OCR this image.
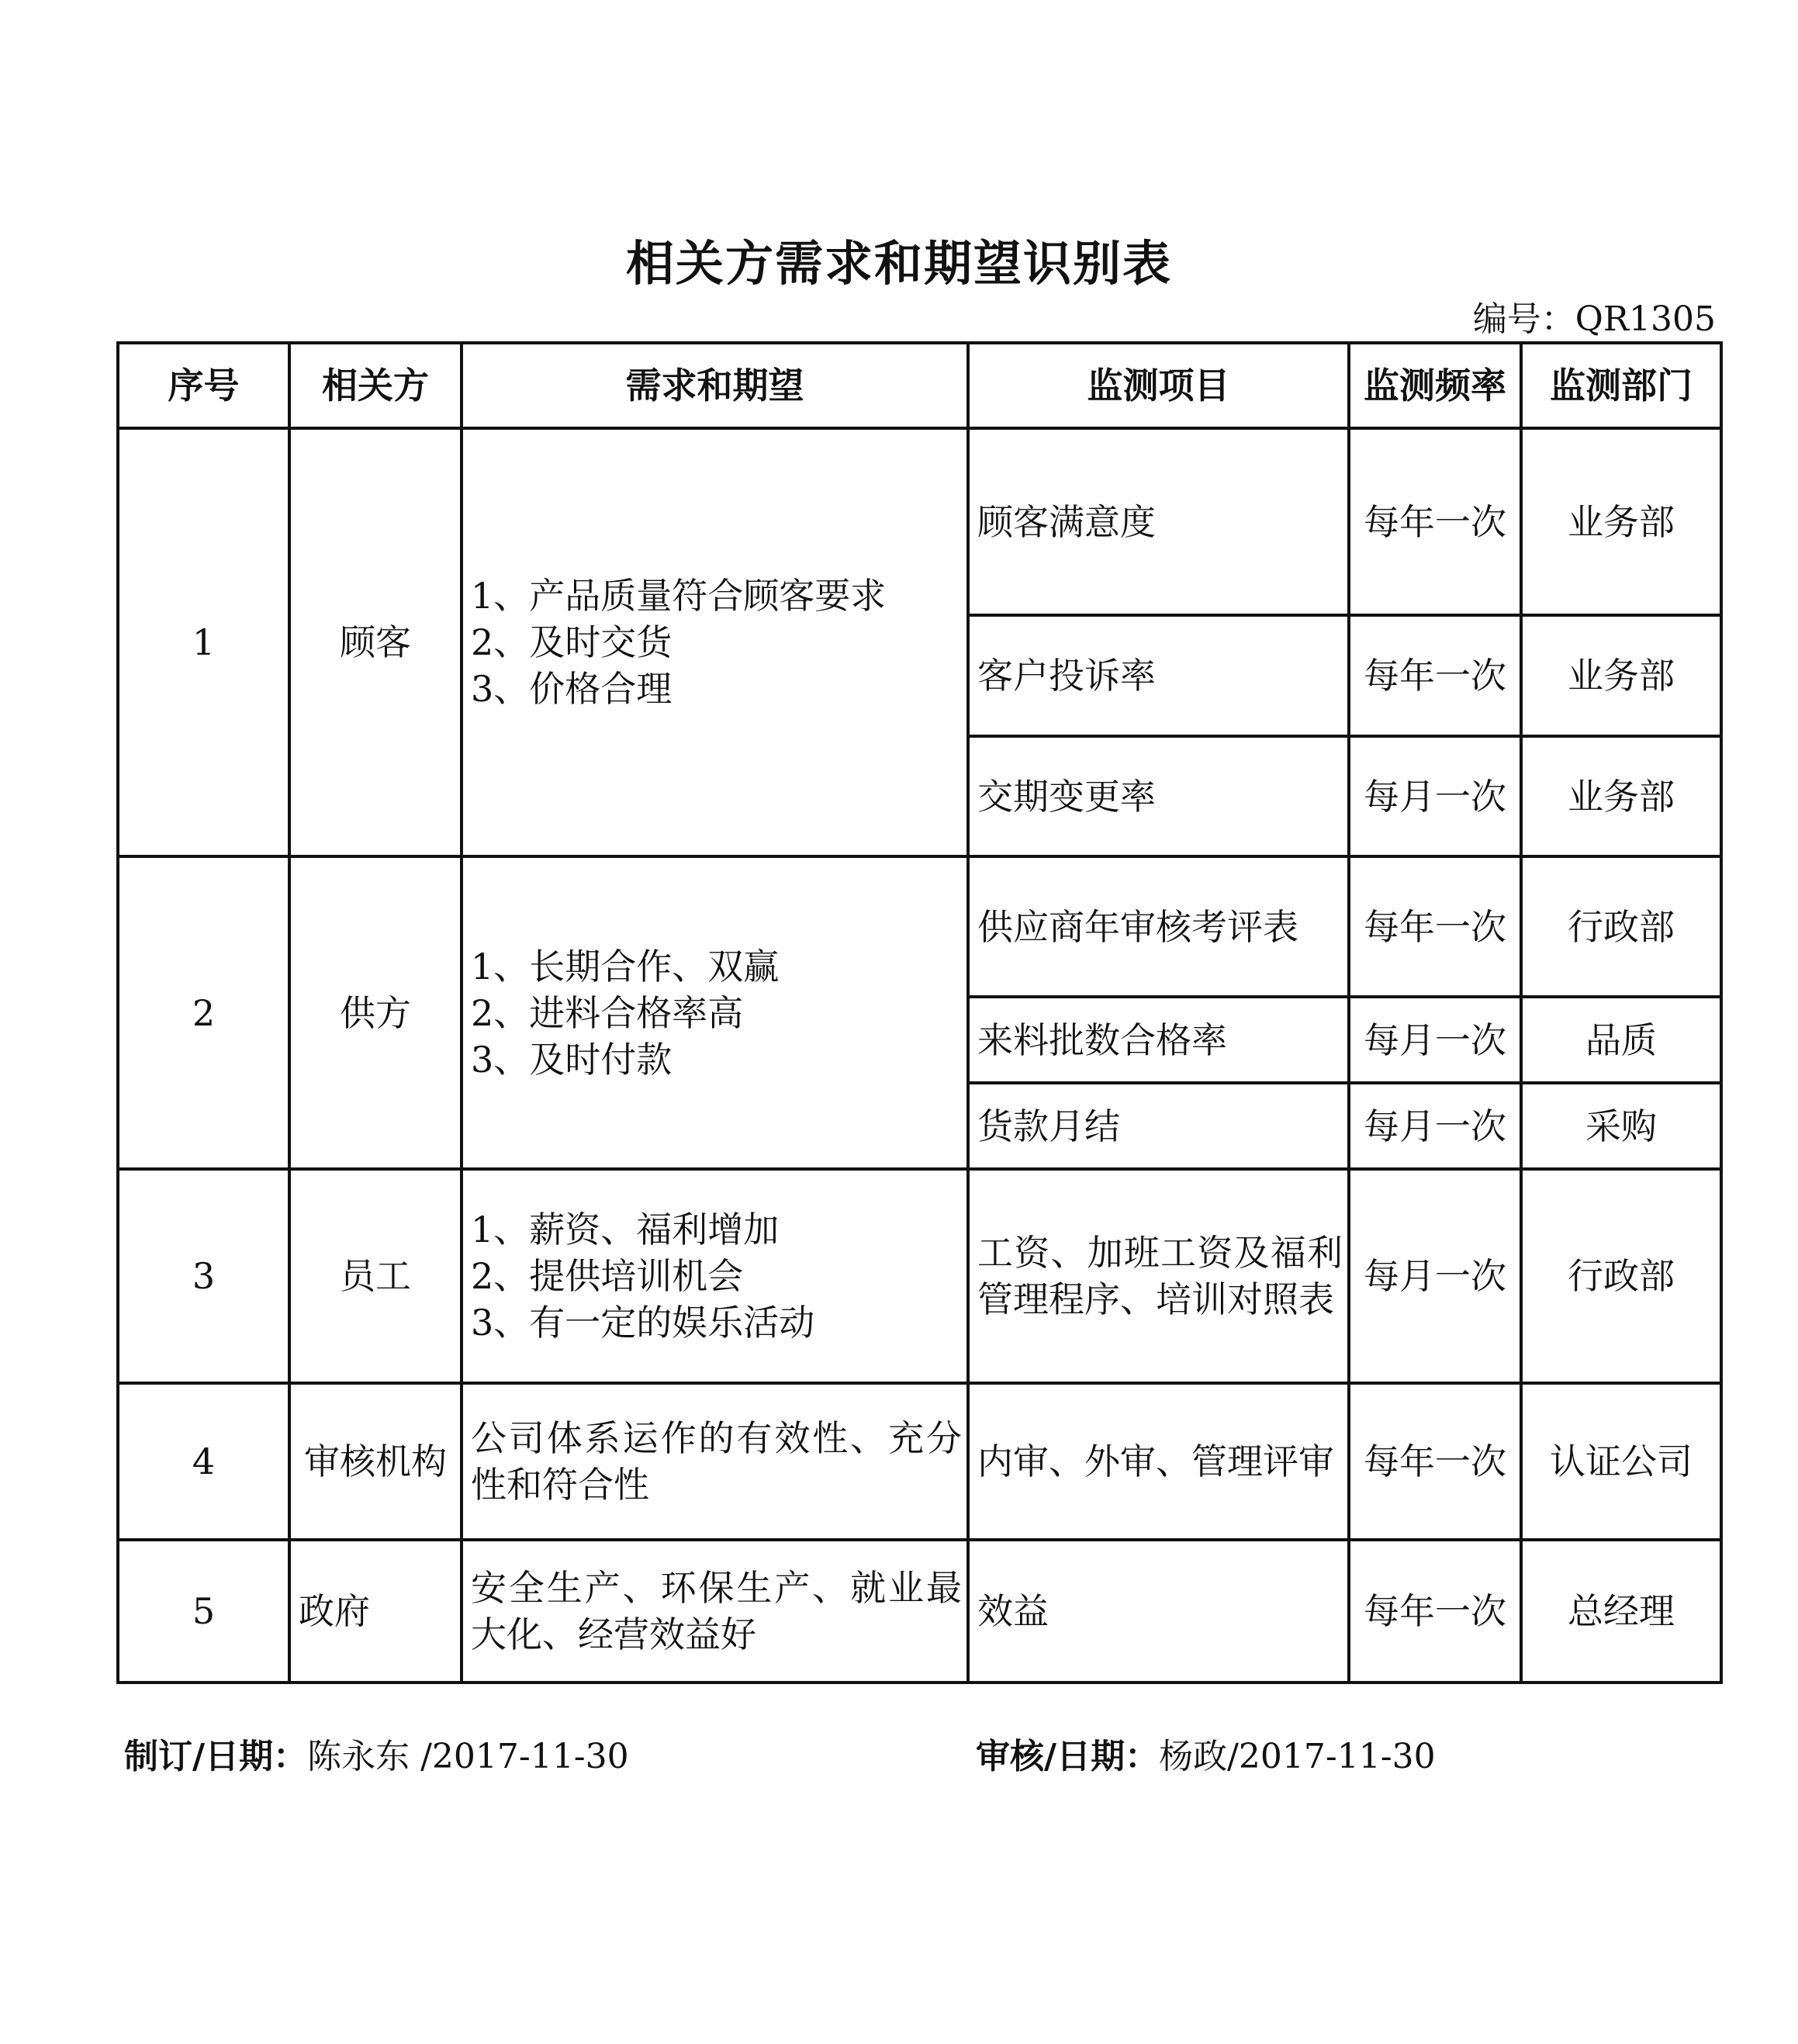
相关方需求和期望识别表
编号：QR1305
序号	相关方	需求和期望	监测项目	监测频率	监测部门
1	顾客	1、产品质量符合顾客要求
2、及时交货
3、价格合理	顾客满意度	每年一次	业务部
			客户投诉率	每年一次	业务部
			交期变更率	每月一次	业务部
2	供方	1、长期合作、双赢
2、进料合格率高
3、及时付款	供应商年审核考评表	每年一次	行政部
			来料批数合格率	每月一次	品质
			货款月结	每月一次	采购
3	员工	1、薪资、福利增加
2、提供培训机会
3、有一定的娱乐活动	工资、加班工资及福利管理程序、培训对照表	每月一次	行政部
4	审核机构	公司体系运作的有效性、充分性和符合性	内审、外审、管理评审	每年一次	认证公司
5	政府	安全生产、环保生产、就业最大化、经营效益好	效益	每年一次	总经理
制订/日期：陈永东 /2017-11-30	审核/日期：杨政/2017-11-30
